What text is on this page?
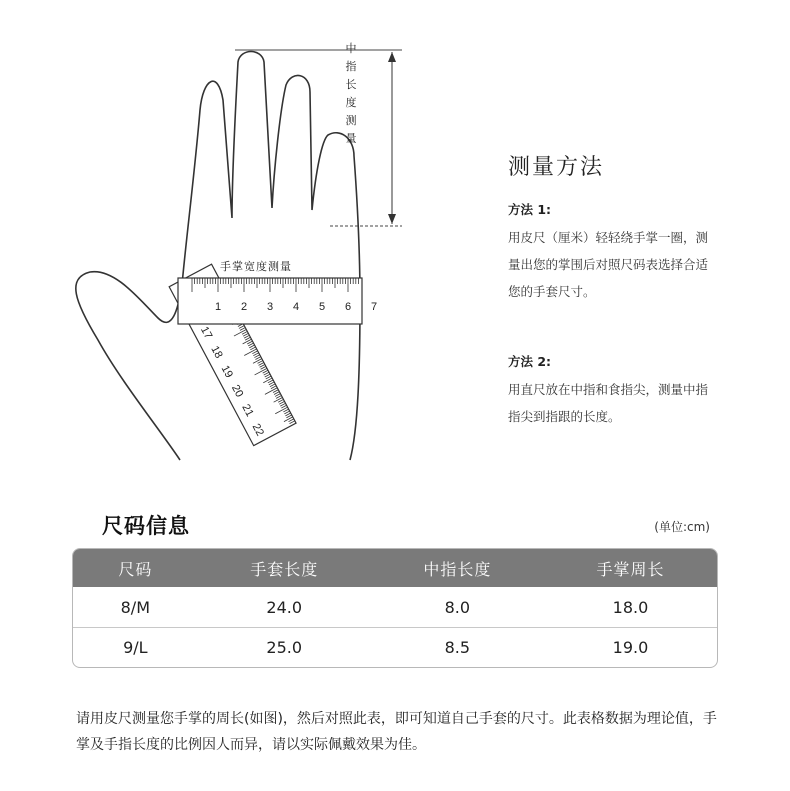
17
18
19
20
21
22
1 2 3 4 5 6 7
手掌宽度测量
中指长度测量
测量方法
方法 1:
用皮尺（厘米）轻轻绕手掌一圈，测量出您的掌围后对照尺码表选择合适您的手套尺寸。
方法 2:
用直尺放在中指和食指尖，测量中指指尖到指跟的长度。
尺码信息	(单位:cm)
尺码	手套长度	中指长度	手掌周长
8/M	24.0	8.0	18.0
9/L	25.0	8.5	19.0
请用皮尺测量您手掌的周长(如图)，然后对照此表，即可知道自己手套的尺寸。此表格数据为理论值，手掌及手指长度的比例因人而异，请以实际佩戴效果为佳。
